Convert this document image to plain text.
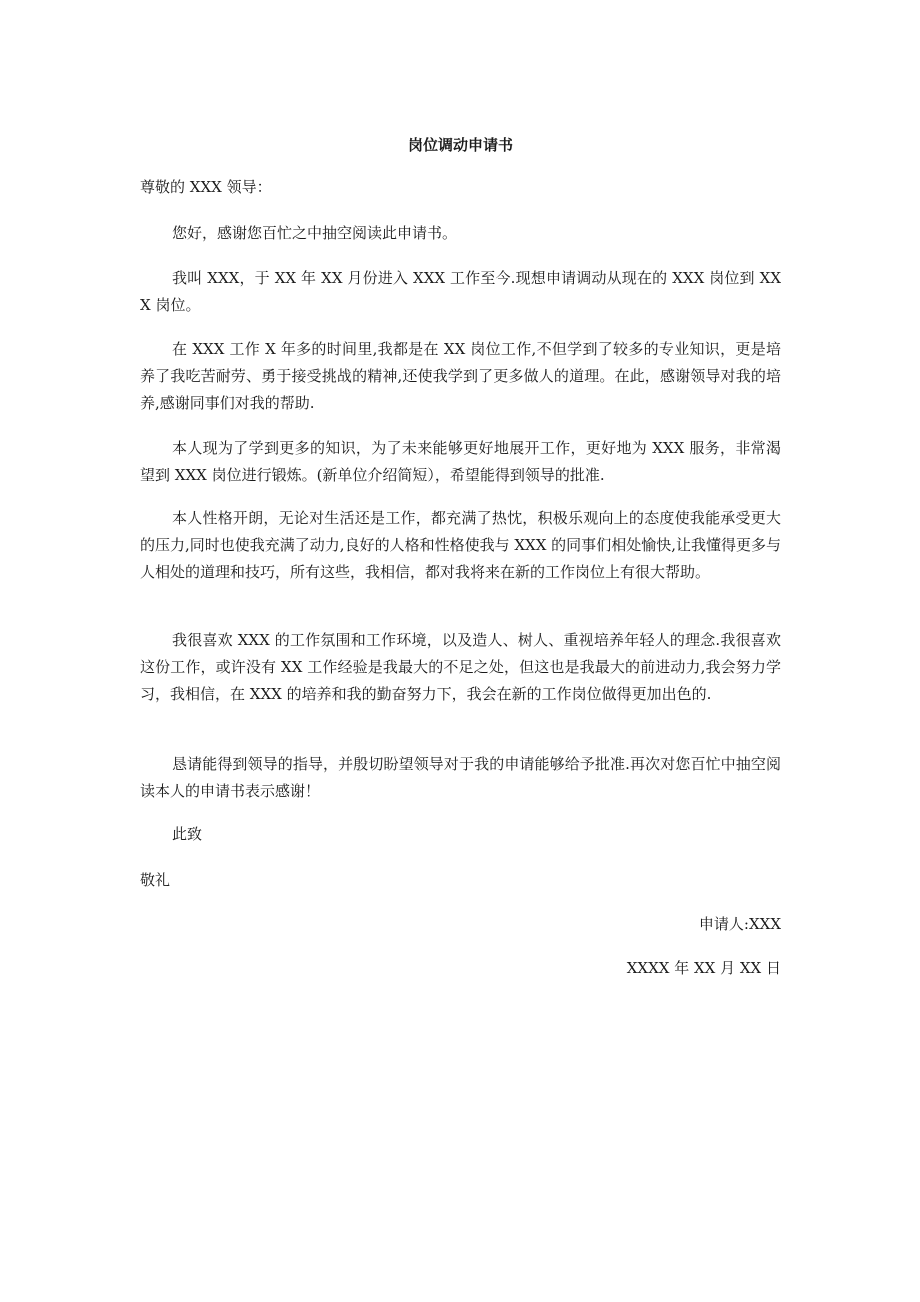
岗位调动申请书

尊敬的 XXX 领导：

您好，感谢您百忙之中抽空阅读此申请书。

我叫 XXX，于 XX 年 XX 月份进入 XXX 工作至今.现想申请调动从现在的 XXX 岗位到 XXX 岗位。

在 XXX 工作 X 年多的时间里,我都是在 XX 岗位工作,不但学到了较多的专业知识，更是培养了我吃苦耐劳、勇于接受挑战的精神,还使我学到了更多做人的道理。在此，感谢领导对我的培养,感谢同事们对我的帮助.

本人现为了学到更多的知识，为了未来能够更好地展开工作，更好地为 XXX 服务，非常渴望到 XXX 岗位进行锻炼。(新单位介绍简短），希望能得到领导的批准.

本人性格开朗，无论对生活还是工作，都充满了热忱，积极乐观向上的态度使我能承受更大的压力,同时也使我充满了动力,良好的人格和性格使我与 XXX 的同事们相处愉快,让我懂得更多与人相处的道理和技巧，所有这些，我相信，都对我将来在新的工作岗位上有很大帮助。

我很喜欢 XXX 的工作氛围和工作环境，以及造人、树人、重视培养年轻人的理念.我很喜欢这份工作，或许没有 XX 工作经验是我最大的不足之处，但这也是我最大的前进动力,我会努力学习，我相信，在 XXX 的培养和我的勤奋努力下，我会在新的工作岗位做得更加出色的.

恳请能得到领导的指导，并殷切盼望领导对于我的申请能够给予批准.再次对您百忙中抽空阅读本人的申请书表示感谢！

此致

敬礼

申请人:XXX

XXXX 年 XX 月 XX 日
